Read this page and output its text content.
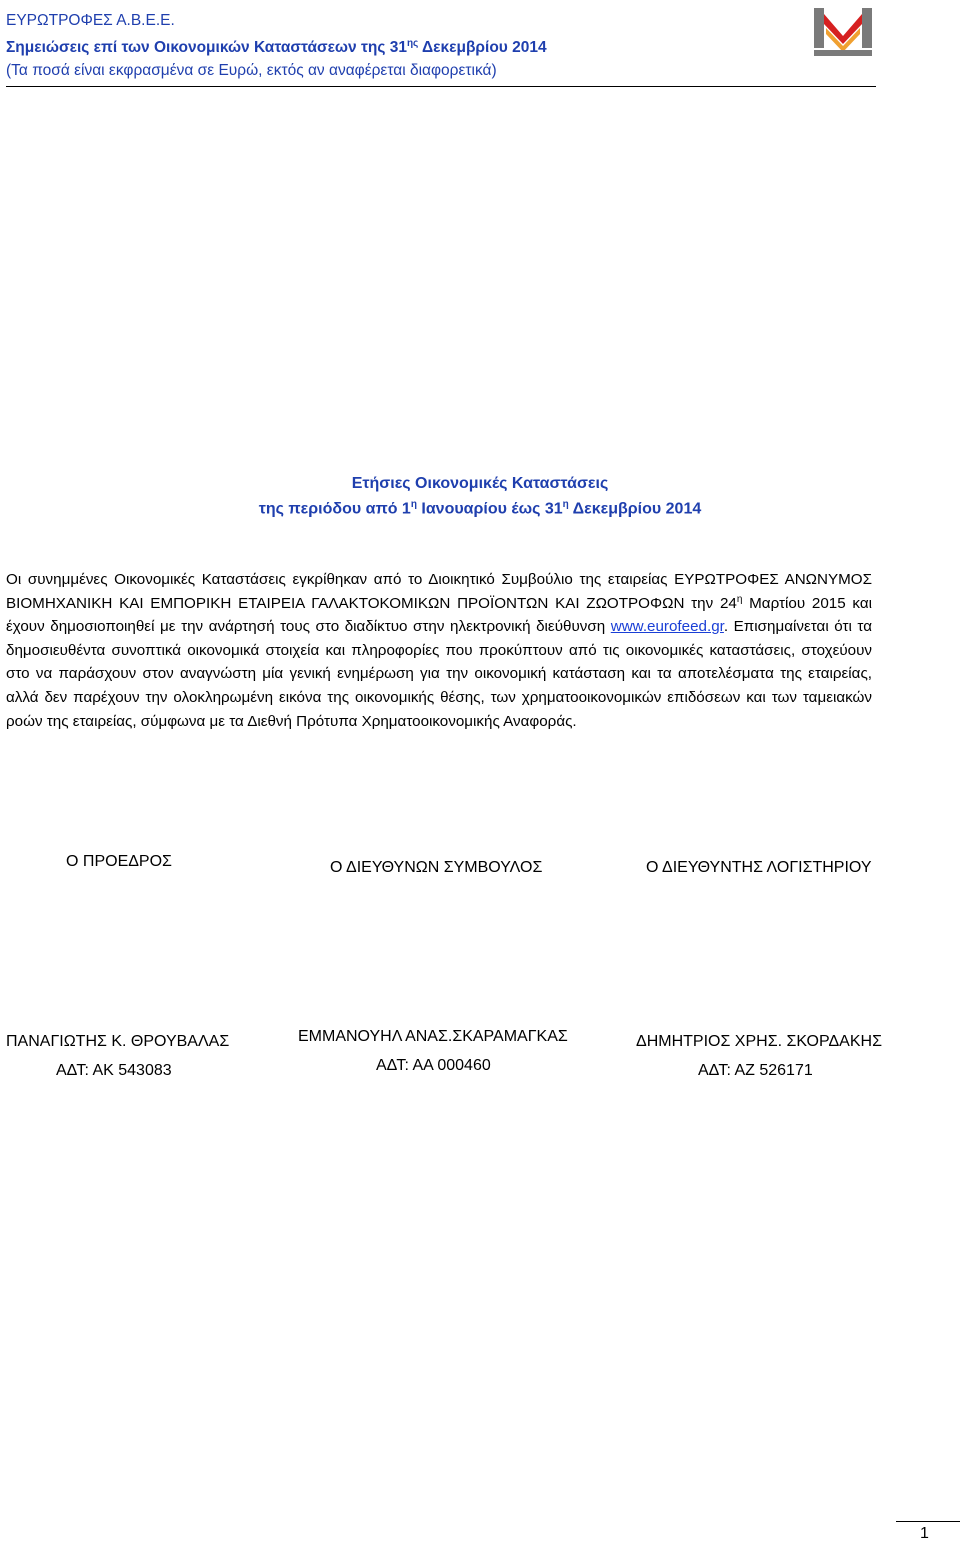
ΕΥΡΩΤΡΟΦΕΣ Α.Β.Ε.Ε.
Σημειώσεις επί των Οικονομικών Καταστάσεων της $31^{\eta\varsigma}$ Δεκεμβρίου 2014
(Τα ποσά είναι εκφρασμένα σε Ευρώ, εκτός αν αναφέρεται διαφορετικά)
Ετήσιες Οικονομικές Καταστάσεις
της περιόδου από $1^\eta$ Ιανουαρίου έως $31^\eta$ Δεκεμβρίου 2014
Οι συνημμένες Οικονομικές Καταστάσεις εγκρίθηκαν από το Διοικητικό Συμβούλιο της εταιρείας ΕΥΡΩΤΡΟΦΕΣ ΑΝΩΝΥΜΟΣ ΒΙΟΜΗΧΑΝΙΚΗ ΚΑΙ ΕΜΠΟΡΙΚΗ ΕΤΑΙΡΕΙΑ ΓΑΛΑΚΤΟΚΟΜΙΚΩΝ ΠΡΟΪΟΝΤΩΝ ΚΑΙ ΖΩΟΤΡΟΦΩΝ την $24^\eta$ Μαρτίου 2015 και έχουν δημοσιοποιηθεί με την ανάρτησή τους στο διαδίκτυο στην ηλεκτρονική διεύθυνση www.eurofeed.gr. Επισημαίνεται ότι τα δημοσιευθέντα συνοπτικά οικονομικά στοιχεία και πληροφορίες που προκύπτουν από τις οικονομικές καταστάσεις, στοχεύουν στο να παράσχουν στον αναγνώστη μία γενική ενημέρωση για την οικονομική κατάσταση και τα αποτελέσματα της εταιρείας, αλλά δεν παρέχουν την ολοκληρωμένη εικόνα της οικονομικής θέσης, των χρηματοοικονομικών επιδόσεων και των ταμειακών ροών της εταιρείας, σύμφωνα με τα Διεθνή Πρότυπα Χρηματοοικονομικής Αναφοράς.
Ο ΠΡΟΕΔΡΟΣ	Ο ΔΙΕΥΘΥΝΩΝ ΣΥΜΒΟΥΛΟΣ	Ο ΔΙΕΥΘΥΝΤΗΣ ΛΟΓΙΣΤΗΡΙΟΥ
ΠΑΝΑΓΙΩΤΗΣ Κ. ΘΡΟΥΒΑΛΑΣ
ΑΔΤ: ΑΚ 543083
ΕΜΜΑΝΟΥΗΛ ΑΝΑΣ.ΣΚΑΡΑΜΑΓΚΑΣ
ΑΔΤ: ΑΑ 000460
ΔΗΜΗΤΡΙΟΣ ΧΡΗΣ. ΣΚΟΡΔΑΚΗΣ
ΑΔΤ: ΑΖ 526171
1
